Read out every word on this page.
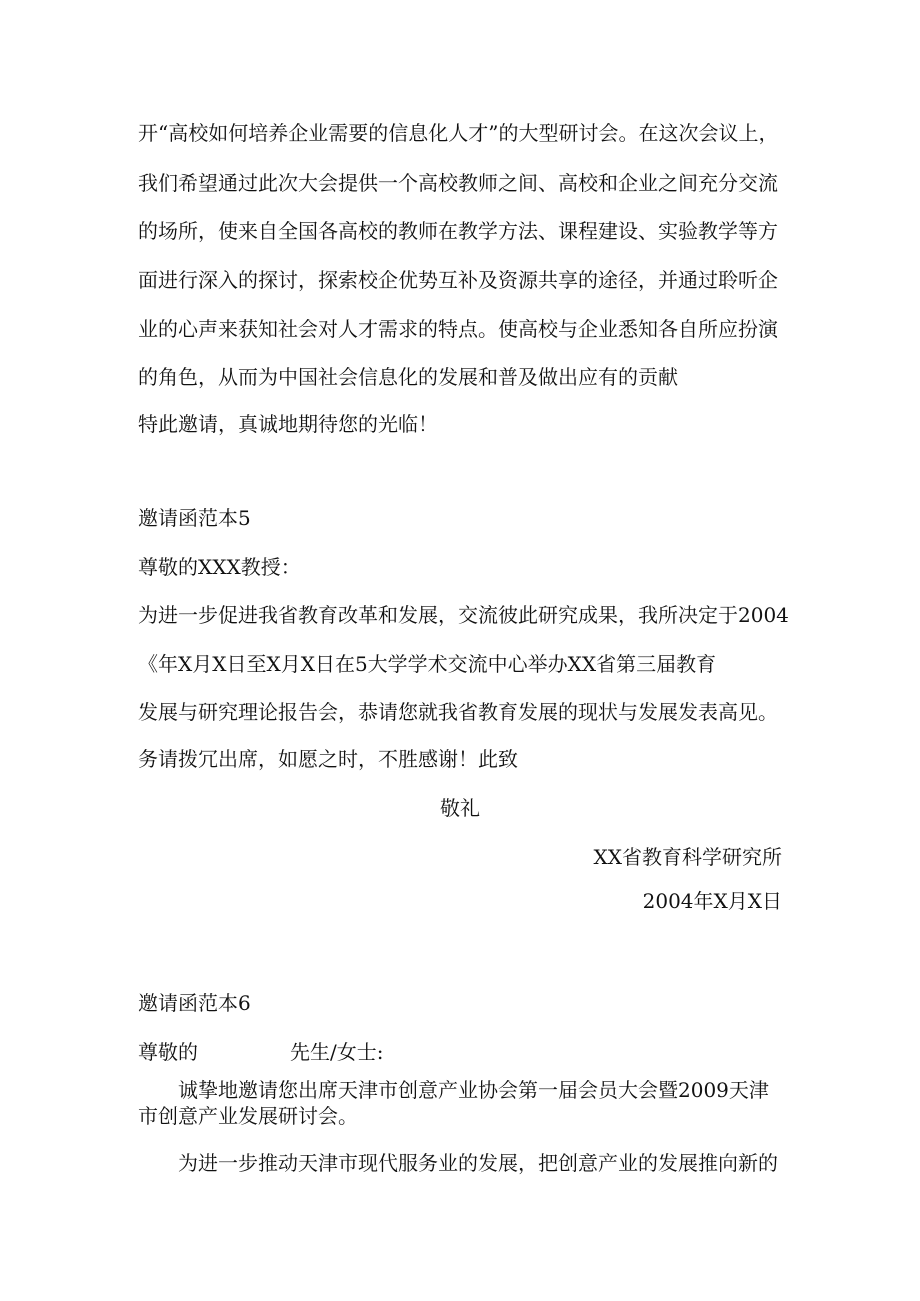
开“高校如何培养企业需要的信息化人才”的大型研讨会。在这次会议上，
我们希望通过此次大会提供一个高校教师之间、高校和企业之间充分交流
的场所，使来自全国各高校的教师在教学方法、课程建设、实验教学等方
面进行深入的探讨，探索校企优势互补及资源共享的途径，并通过聆听企
业的心声来获知社会对人才需求的特点。使高校与企业悉知各自所应扮演
的角色，从而为中国社会信息化的发展和普及做出应有的贡献
特此邀请，真诚地期待您的光临！
邀请函范本5
尊敬的XXX教授：
为进一步促进我省教育改革和发展，交流彼此研究成果，我所决定于2004
《年X月X日至X月X日在5大学学术交流中心举办XX省第三届教育
发展与研究理论报告会，恭请您就我省教育发展的现状与发展发表高见。
务请拨冗出席，如愿之时，不胜感谢！此致
敬礼
XX省教育科学研究所
2004年X月X日
邀请函范本6
尊敬的	先生/女士:
诚挚地邀请您出席天津市创意产业协会第一届会员大会暨2009天津
市创意产业发展研讨会。
为进一步推动天津市现代服务业的发展，把创意产业的发展推向新的
